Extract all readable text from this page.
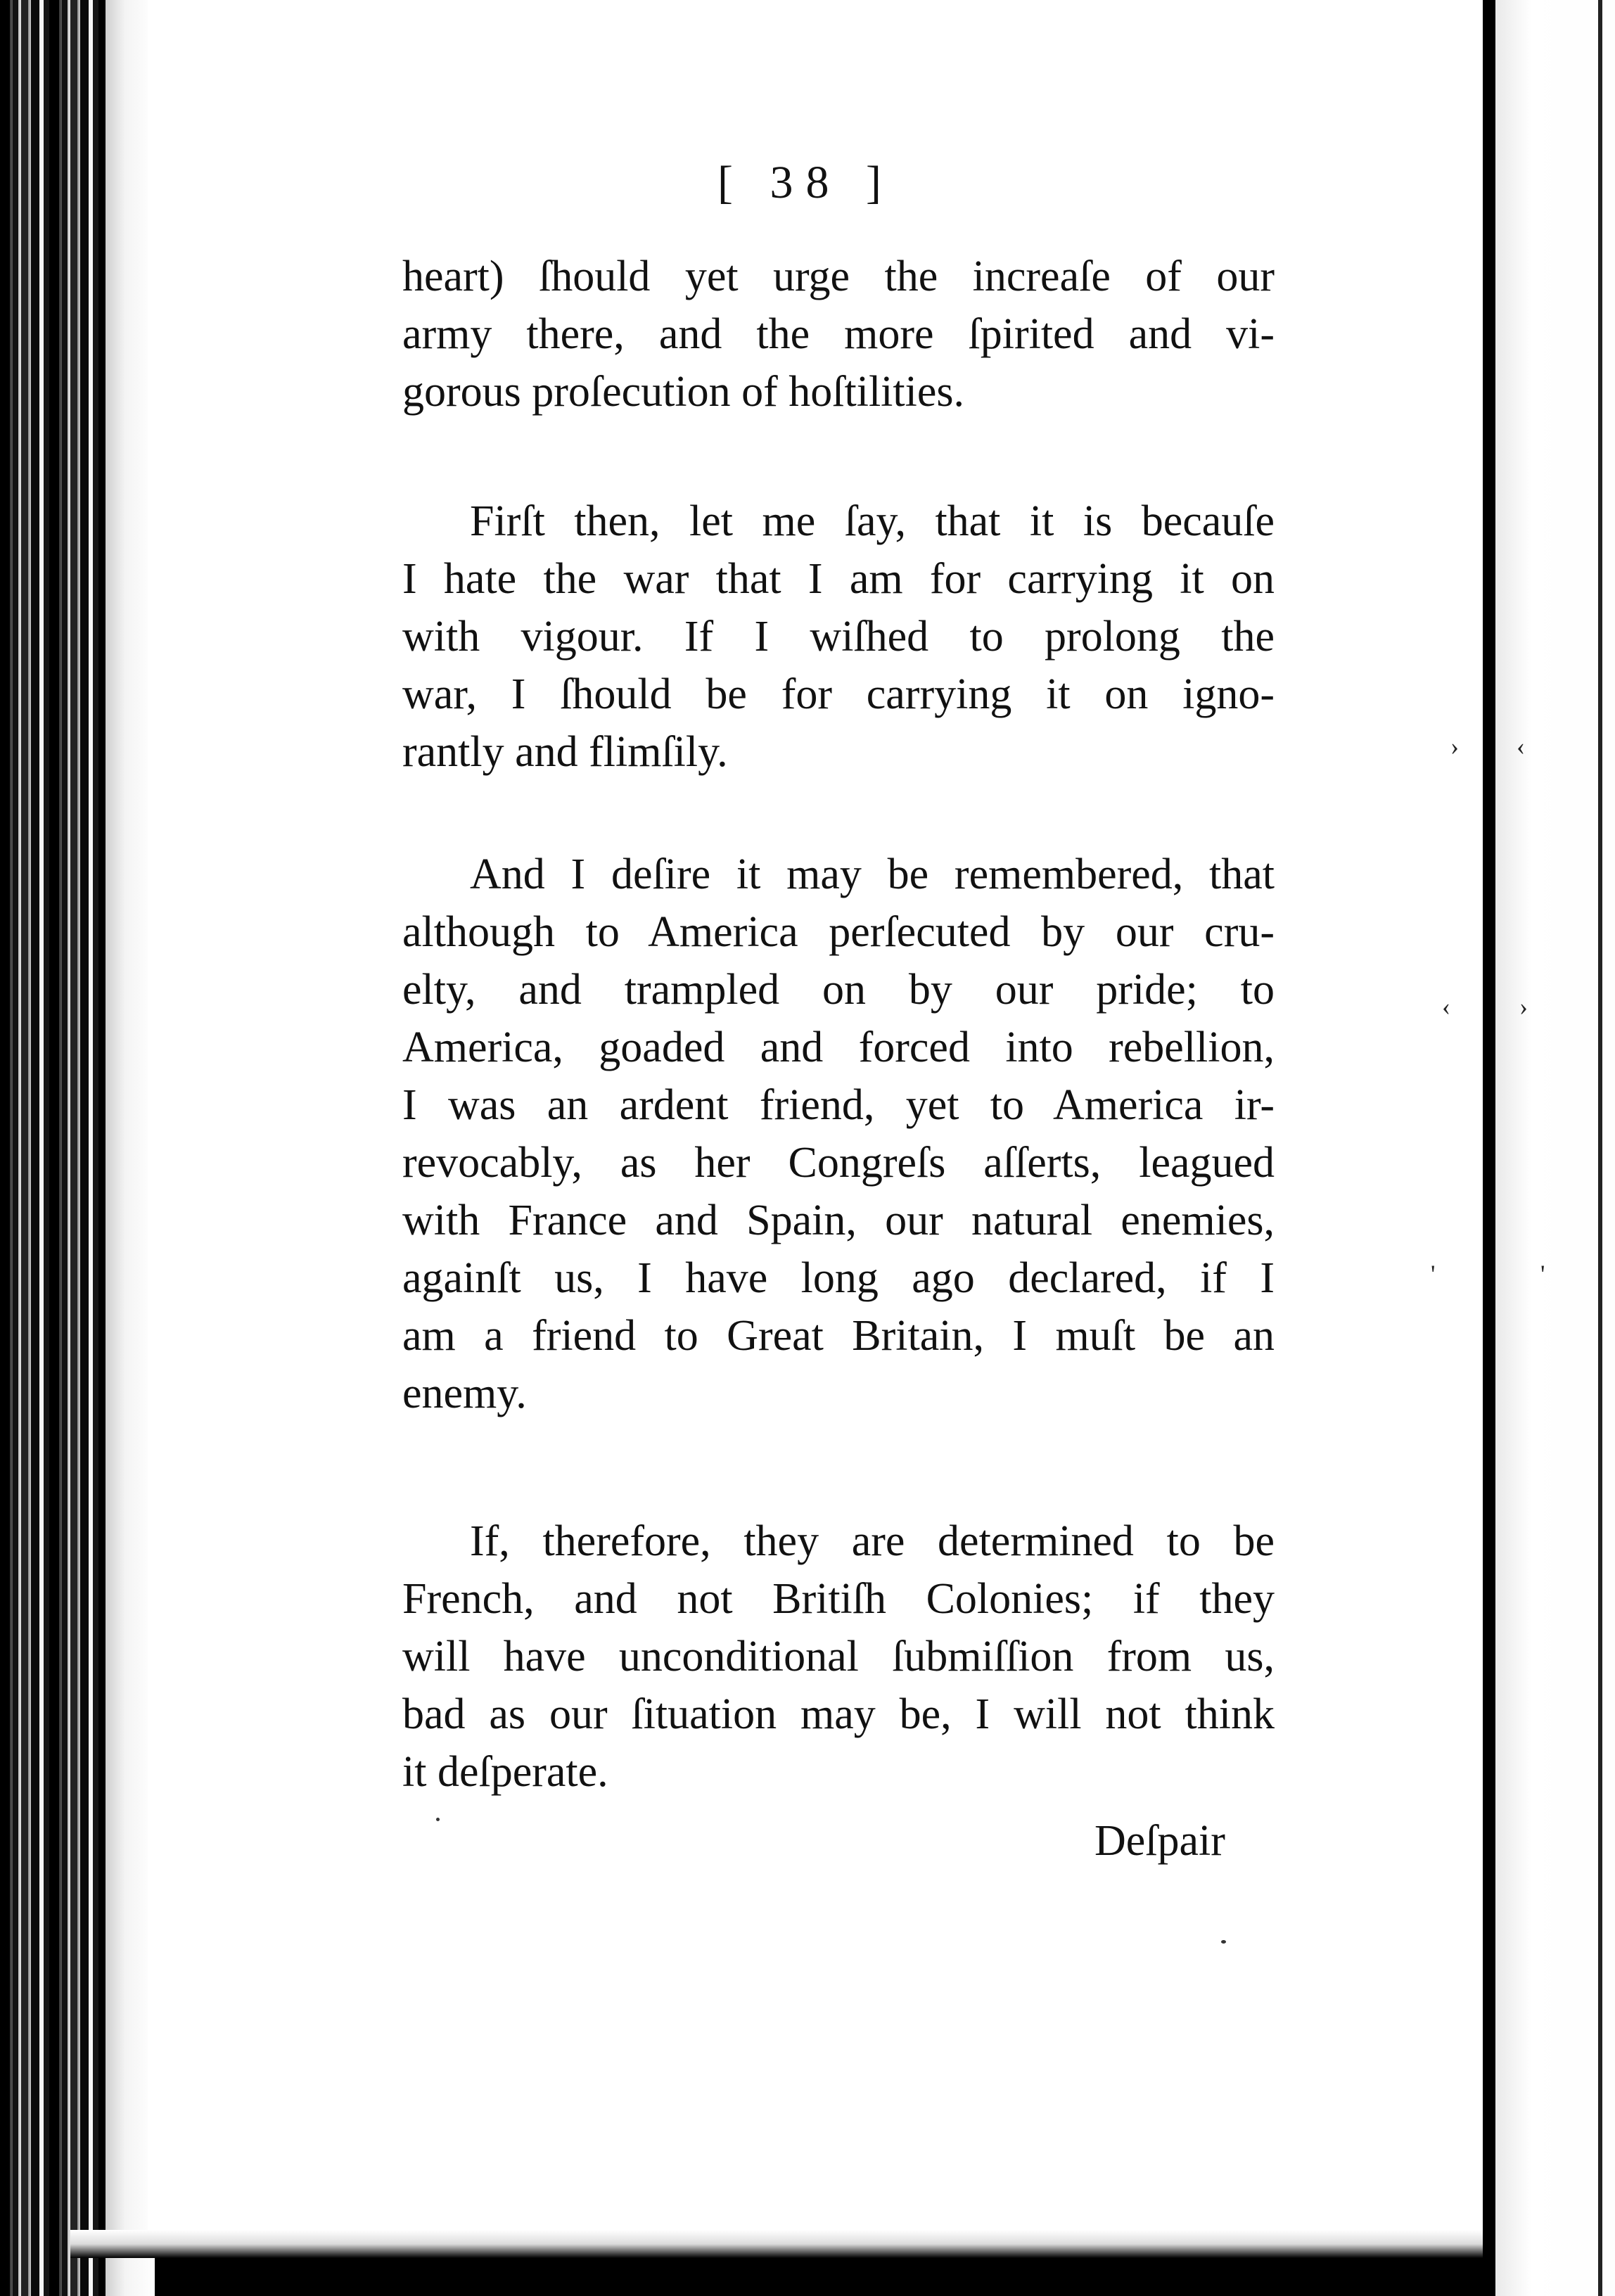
› ‹
‹	›
'	'
[ 38 ]
heart) ſhould yet urge the increaſe of our
army there, and the more ſpirited and vi-
gorous proſecution of hoſtilities.
Firſt then, let me ſay, that it is becauſe
I hate the war that I am for carrying it on
with vigour. If I wiſhed to prolong the
war, I ſhould be for carrying it on igno-
rantly and flimſily.
And I deſire it may be remembered, that
although to America perſecuted by our cru-
elty, and trampled on by our pride; to
America, goaded and forced into rebellion,
I was an ardent friend, yet to America ir-
revocably, as her Congreſs aſſerts, leagued
with France and Spain, our natural enemies,
againſt us, I have long ago declared, if I
am a friend to Great Britain, I muſt be an
enemy.
If, therefore, they are determined to be
French, and not Britiſh Colonies; if they
will have unconditional ſubmiſſion from us,
bad as our ſituation may be, I will not think
it deſperate.
Deſpair
